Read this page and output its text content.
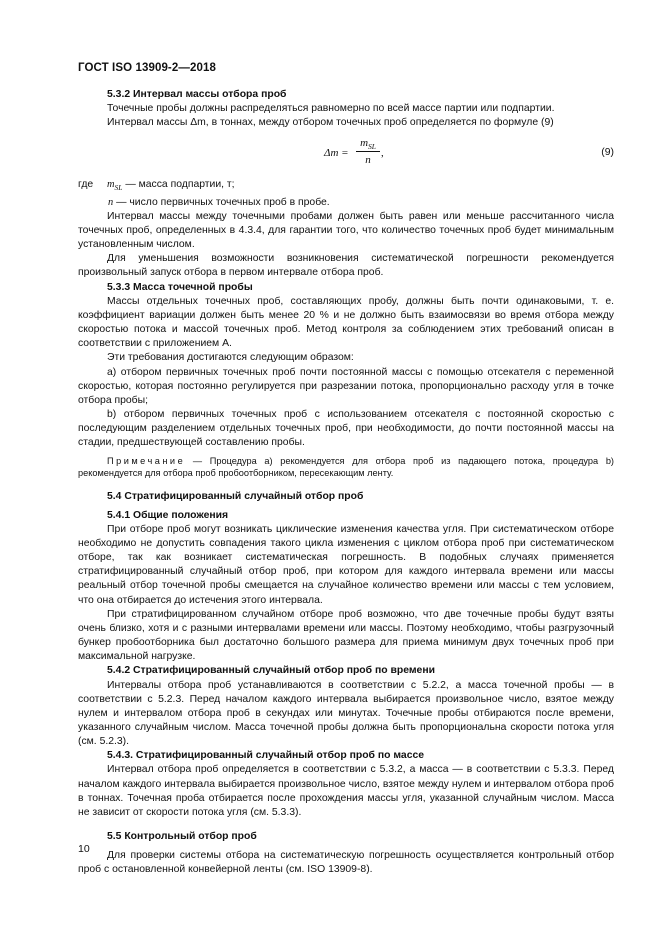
ГОСТ ISO 13909-2—2018

5.3.2 Интервал массы отбора проб

Точечные пробы должны распределяться равномерно по всей массе партии или подпартии.

Интервал массы Δm, в тоннах, между отбором точечных проб определяется по формуле (9)

Δm =
$m_{SL}$
n
,	(9)

где	$m_{SL}$ — масса подпартии, т;

n — число первичных точечных проб в пробе.

Интервал массы между точечными пробами должен быть равен или меньше рассчитанного числа точечных проб, определенных в 4.3.4, для гарантии того, что количество точечных проб будет минимальным установленным числом.

Для уменьшения возможности возникновения систематической погрешности рекомендуется произвольный запуск отбора в первом интервале отбора проб.

5.3.3 Масса точечной пробы

Массы отдельных точечных проб, составляющих пробу, должны быть почти одинаковыми, т. е. коэффициент вариации должен быть менее 20 % и не должно быть взаимосвязи во время отбора между скоростью потока и массой точечных проб. Метод контроля за соблюдением этих требований описан в соответствии с приложением А.

Эти требования достигаются следующим образом:

а) отбором первичных точечных проб почти постоянной массы с помощью отсекателя с переменной скоростью, которая постоянно регулируется при разрезании потока, пропорционально расходу угля в точке отбора пробы;

b) отбором первичных точечных проб с использованием отсекателя с постоянной скоростью с последующим разделением отдельных точечных проб, при необходимости, до почти постоянной массы на стадии, предшествующей составлению пробы.

Примечание — Процедура а) рекомендуется для отбора проб из падающего потока, процедура b) рекомендуется для отбора проб пробоотборником, пересекающим ленту.

5.4 Стратифицированный случайный отбор проб

5.4.1 Общие положения

При отборе проб могут возникать циклические изменения качества угля. При систематическом отборе необходимо не допустить совпадения такого цикла изменения с циклом отбора проб при систематическом отборе, так как возникает систематическая погрешность. В подобных случаях применяется стратифицированный случайный отбор проб, при котором для каждого интервала времени или массы реальный отбор точечной пробы смещается на случайное количество времени или массы с тем условием, что она отбирается до истечения этого интервала.

При стратифицированном случайном отборе проб возможно, что две точечные пробы будут взяты очень близко, хотя и с разными интервалами времени или массы. Поэтому необходимо, чтобы разгрузочный бункер пробоотборника был достаточно большого размера для приема минимум двух точечных проб при максимальной нагрузке.

5.4.2 Стратифицированный случайный отбор проб по времени

Интервалы отбора проб устанавливаются в соответствии с 5.2.2, а масса точечной пробы — в соответствии с 5.2.3. Перед началом каждого интервала выбирается произвольное число, взятое между нулем и интервалом отбора проб в секундах или минутах. Точечные пробы отбираются после времени, указанного случайным числом. Масса точечной пробы должна быть пропорциональна скорости потока угля (см. 5.2.3).

5.4.3. Стратифицированный случайный отбор проб по массе

Интервал отбора проб определяется в соответствии с 5.3.2, а масса — в соответствии с 5.3.3. Перед началом каждого интервала выбирается произвольное число, взятое между нулем и интервалом отбора проб в тоннах. Точечная проба отбирается после прохождения массы угля, указанной случайным числом. Масса не зависит от скорости потока угля (см. 5.3.3).

5.5 Контрольный отбор проб

Для проверки системы отбора на систематическую погрешность осуществляется контрольный отбор проб с остановленной конвейерной ленты (см. ISO 13909-8).

10
